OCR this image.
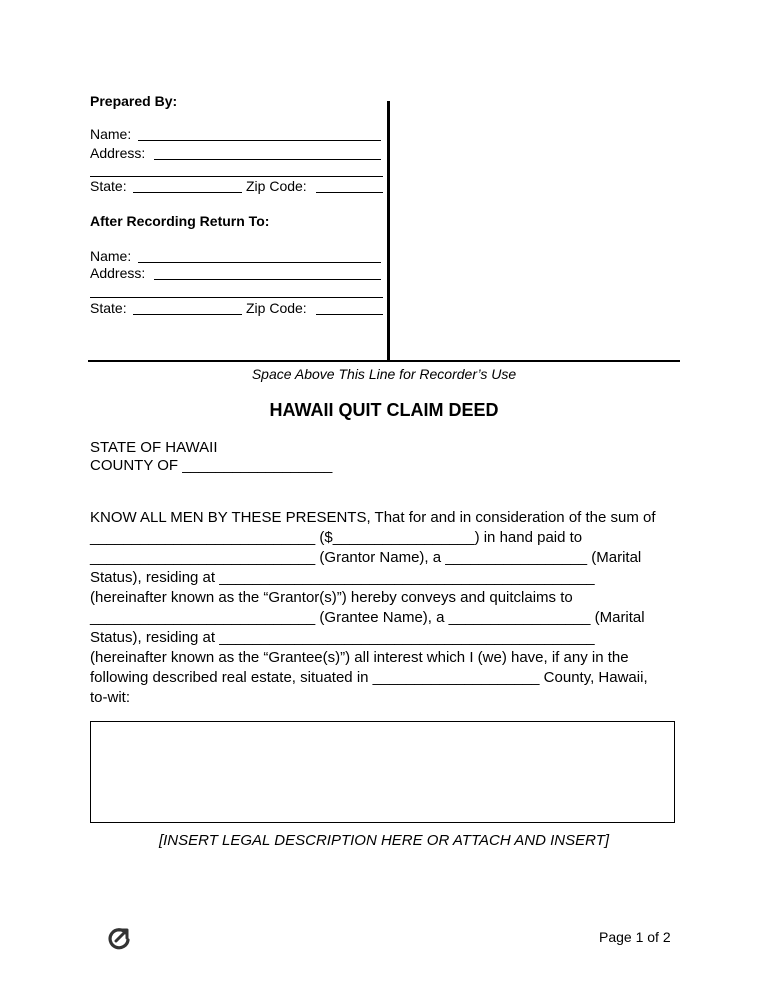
Prepared By:
Name:
Address:
State:	Zip Code:
After Recording Return To:
Name:
Address:
State:	Zip Code:
Space Above This Line for Recorder’s Use
HAWAII QUIT CLAIM DEED
STATE OF HAWAII
COUNTY OF __________________
KNOW ALL MEN BY THESE PRESENTS, That for and in consideration of the sum of
___________________________ ($_________________) in hand paid to
___________________________ (Grantor Name), a _________________ (Marital
Status), residing at _____________________________________________
(hereinafter known as the “Grantor(s)”) hereby conveys and quitclaims to
___________________________ (Grantee Name), a _________________ (Marital
Status), residing at _____________________________________________
(hereinafter known as the “Grantee(s)”) all interest which I (we) have, if any in the
following described real estate, situated in ____________________ County, Hawaii,
to-wit:
[INSERT LEGAL DESCRIPTION HERE OR ATTACH AND INSERT]
Page 1 of 2
